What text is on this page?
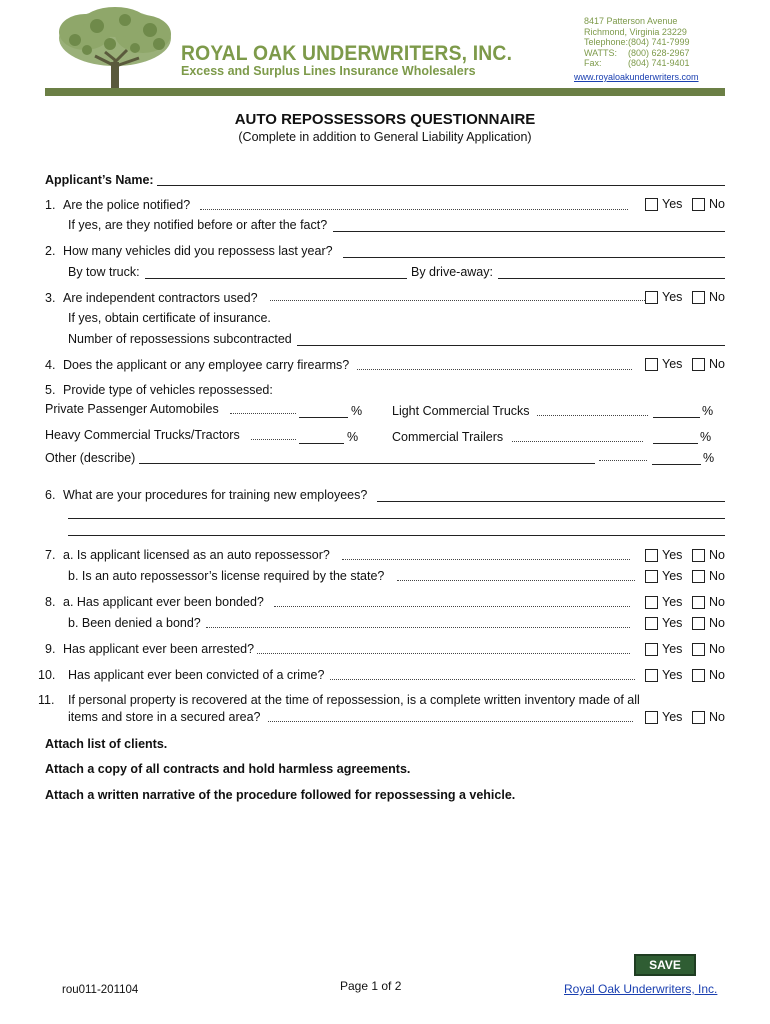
ROYAL OAK UNDERWRITERS, INC.
Excess and Surplus Lines Insurance Wholesalers
8417 Patterson Avenue
Richmond, Virginia 23229
Telephone:(804) 741-7999
WATTS: (800) 628-2967
Fax:	(804) 741-9401
www.royaloakunderwriters.com
AUTO REPOSSESSORS QUESTIONNAIRE
(Complete in addition to General Liability Application)
Applicant’s Name:
1. Are the police notified?	Yes No
If yes, are they notified before or after the fact?
2. How many vehicles did you repossess last year?
By tow truck:	By drive-away:
3. Are independent contractors used?	Yes No
If yes, obtain certificate of insurance.
Number of repossessions subcontracted
4. Does the applicant or any employee carry firearms?	Yes No
5. Provide type of vehicles repossessed:
Private Passenger Automobiles	% Light Commercial Trucks	%
Heavy Commercial Trucks/Tractors	%	Commercial Trailers	%
Other (describe)	%
6. What are your procedures for training new employees?
7. a. Is applicant licensed as an auto repossessor?	Yes No
b. Is an auto repossessor’s license required by the state?	Yes No
8. a. Has applicant ever been bonded?	Yes No
b. Been denied a bond?	Yes No
9. Has applicant ever been arrested?	Yes No
10. Has applicant ever been convicted of a crime?	Yes No
11. If personal property is recovered at the time of repossession, is a complete written inventory made of all
items and store in a secured area?	Yes No
Attach list of clients.
Attach a copy of all contracts and hold harmless agreements.
Attach a written narrative of the procedure followed for repossessing a vehicle.
SAVE
rou011-201104	Page 1 of 2	Royal Oak Underwriters, Inc.
